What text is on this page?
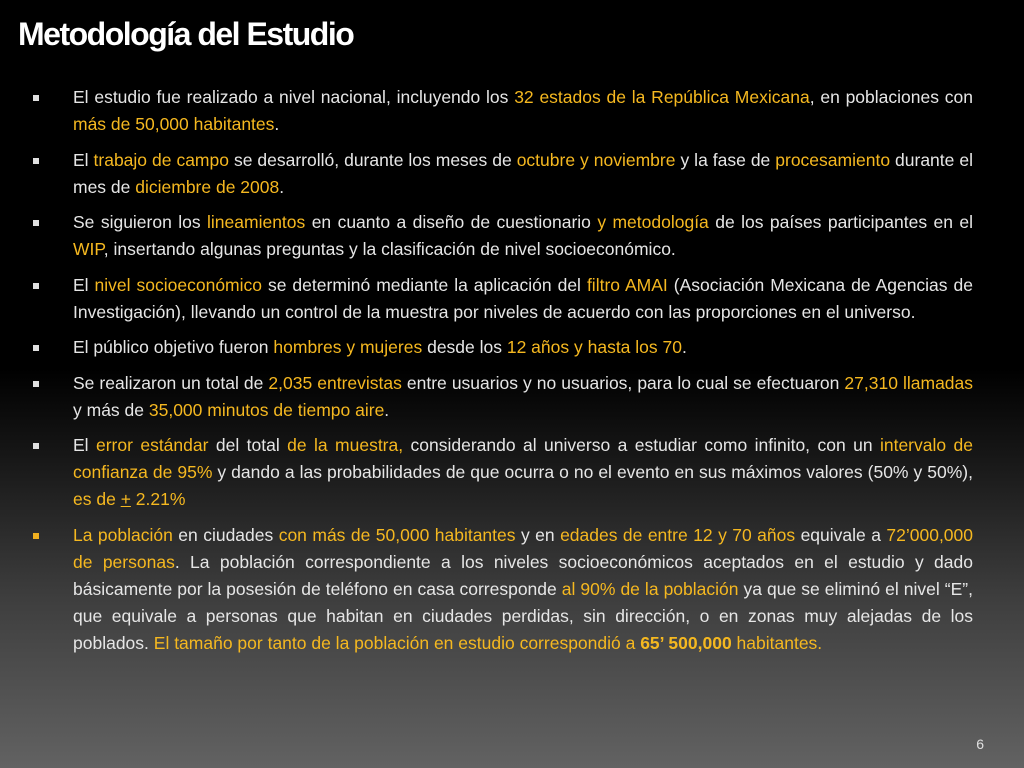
Metodología del Estudio
El estudio fue realizado a nivel nacional, incluyendo los 32 estados de la República Mexicana, en poblaciones con más de 50,000 habitantes.
El trabajo de campo se desarrolló, durante los meses de octubre y noviembre y la fase de procesamiento durante el mes de diciembre de 2008.
Se siguieron los lineamientos en cuanto a diseño de cuestionario y metodología de los países participantes en el WIP, insertando algunas preguntas y la clasificación de nivel socioeconómico.
El nivel socioeconómico se determinó mediante la aplicación del filtro AMAI (Asociación Mexicana de Agencias de Investigación), llevando un control de la muestra por niveles de acuerdo con las proporciones en el universo.
El público objetivo fueron hombres y mujeres desde los 12 años y hasta los 70.
Se realizaron un total de 2,035 entrevistas entre usuarios y no usuarios, para lo cual se efectuaron 27,310 llamadas y más de 35,000 minutos de tiempo aire.
El error estándar del total de la muestra, considerando al universo a estudiar como infinito, con un intervalo de confianza de 95% y dando a las probabilidades de que ocurra o no el evento en sus máximos valores (50% y 50%), es de + 2.21%
La población en ciudades con más de 50,000 habitantes y en edades de entre 12 y 70 años equivale a 72’000,000 de personas. La población correspondiente a los niveles socioeconómicos aceptados en el estudio y dado básicamente por la posesión de teléfono en casa corresponde al 90% de la población ya que se eliminó el nivel “E”, que equivale a personas que habitan en ciudades perdidas, sin dirección, o en zonas muy alejadas de los poblados. El tamaño por tanto de la población en estudio correspondió a 65’ 500,000 habitantes.
6
